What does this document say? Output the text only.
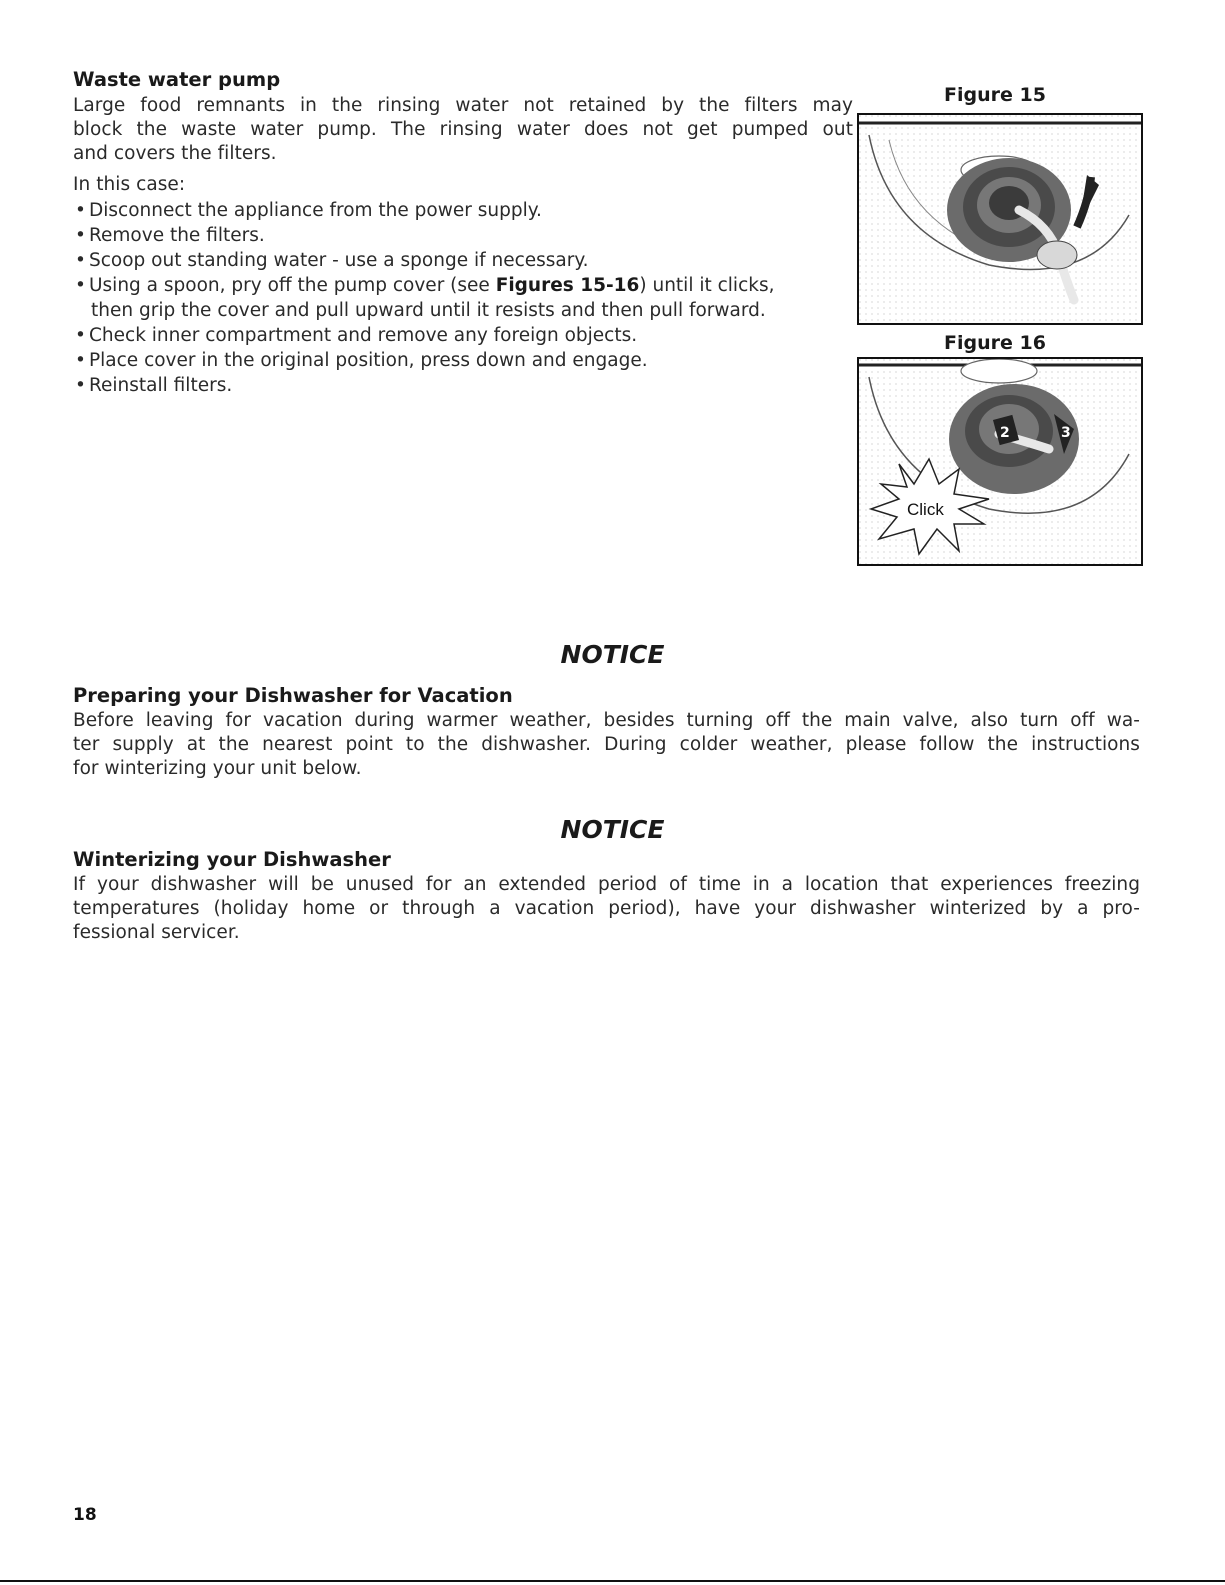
Waste water pump

Large food remnants in the rinsing water not retained by the filters may

block the waste water pump. The rinsing water does not get pumped out

and covers the filters.

In this case:

• Disconnect the appliance from the power supply.
• Remove the filters.
• Scoop out standing water - use a sponge if necessary.
• Using a spoon, pry off the pump cover (see Figures 15-16) until it clicks,
then grip the cover and pull upward until it resists and then pull forward.
• Check inner compartment and remove any foreign objects.
• Place cover in the original position, press down and engage.
• Reinstall filters.
Figure 15
1
Figure 16
2	3
Click
NOTICE
Preparing your Dishwasher for Vacation

Before leaving for vacation during warmer weather, besides turning off the main valve, also turn off wa-

ter supply at the nearest point to the dishwasher. During colder weather, please follow the instructions

for winterizing your unit below.

NOTICE
Winterizing your Dishwasher

If your dishwasher will be unused for an extended period of time in a location that experiences freezing

temperatures (holiday home or through a vacation period), have your dishwasher winterized by a pro-

fessional servicer.

18
